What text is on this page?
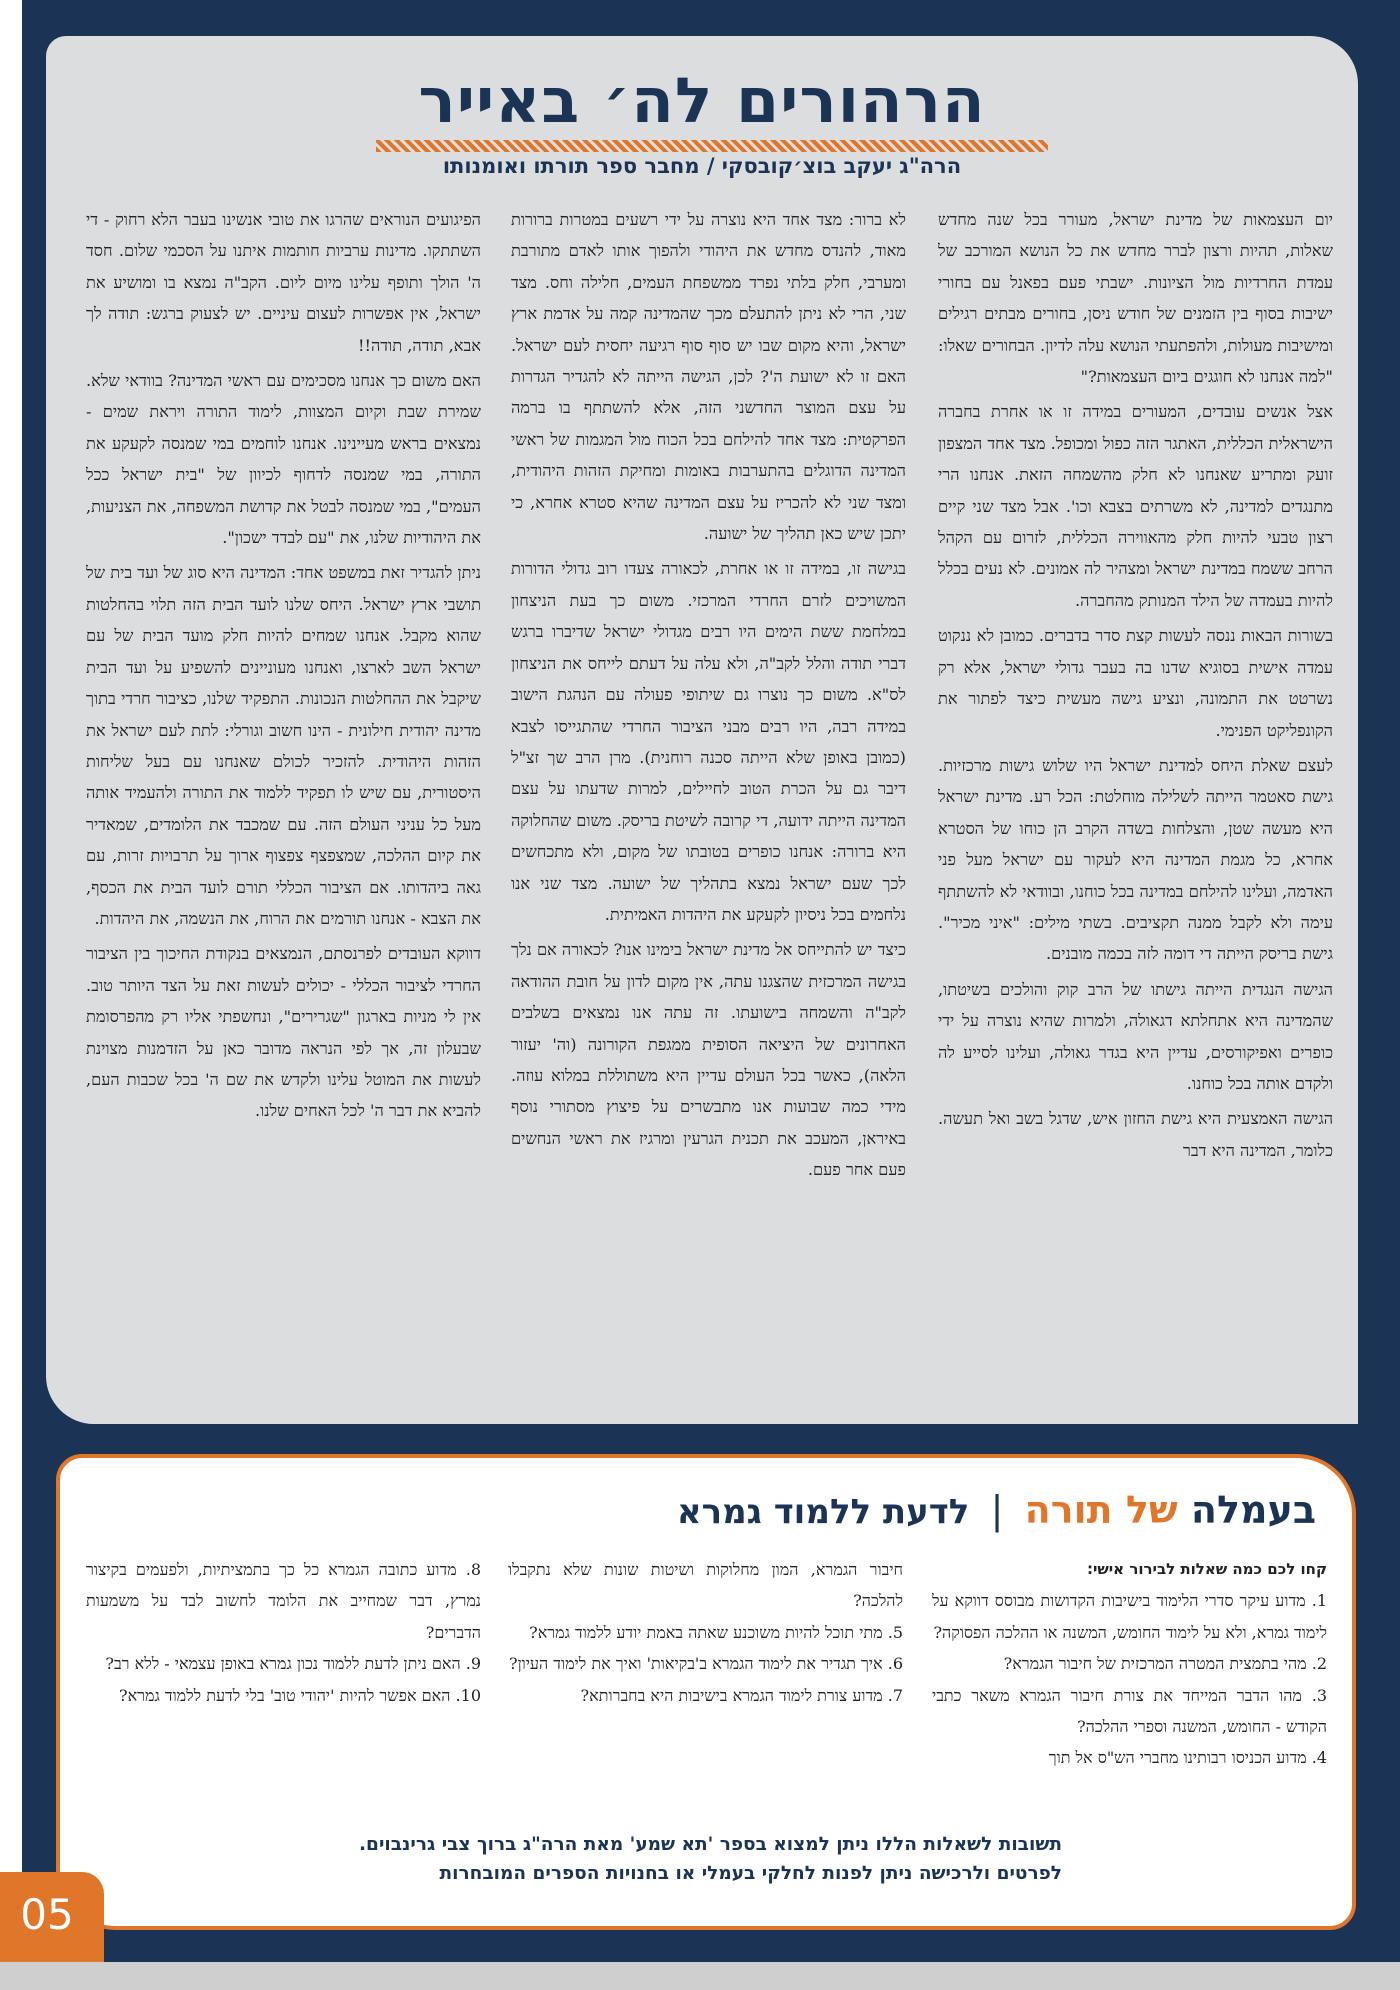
הרהורים לה׳ באייר
הרה"ג יעקב בוצ׳קובסקי / מחבר ספר תורתו ואומנותו

יום העצמאות של מדינת ישראל, מעורר בכל שנה מחדש שאלות, תהיות ורצון לברר מחדש את כל הנושא המורכב של עמדת החרדיות מול הציונות. ישבתי פעם בפאנל עם בחורי ישיבות בסוף בין הזמנים של חודש ניסן, בחורים מבתים רגילים ומישיבות מעולות, ולהפתעתי הנושא עלה לדיון. הבחורים שאלו: "למה אנחנו לא חוגגים ביום העצמאות?"

אצל אנשים עובדים, המעורים במידה זו או אחרת בחברה הישראלית הכללית, האתגר הזה כפול ומכופל. מצד אחד המצפון זועק ומתריע שאנחנו לא חלק מהשמחה הזאת. אנחנו הרי מתנגדים למדינה, לא משרתים בצבא וכו'. אבל מצד שני קיים רצון טבעי להיות חלק מהאווירה הכללית, לזרום עם הקהל הרחב ששמח במדינת ישראל ומצהיר לה אמונים. לא נעים בכלל להיות בעמדה של הילד המנותק מהחברה.

בשורות הבאות ננסה לעשות קצת סדר בדברים. כמובן לא ננקוט עמדה אישית בסוגיא שדנו בה בעבר גדולי ישראל, אלא רק נשרטט את התמונה, ונציע גישה מעשית כיצד לפתור את הקונפליקט הפנימי.

לעצם שאלת היחס למדינת ישראל היו שלוש גישות מרכזיות. גישת סאטמר הייתה לשלילה מוחלטת: הכל רע. מדינת ישראל היא מעשה שטן, והצלחות בשדה הקרב הן כוחו של הסטרא אחרא, כל מגמת המדינה היא לעקור עם ישראל מעל פני האדמה, ועלינו להילחם במדינה בכל כוחנו, ובוודאי לא להשתתף עימה ולא לקבל ממנה תקציבים. בשתי מילים: "איני מכיר". גישת בריסק הייתה די דומה לזה בכמה מובנים.

הגישה הנגדית הייתה גישתו של הרב קוק והולכים בשיטתו, שהמדינה היא אתחלתא דגאולה, ולמרות שהיא נוצרה על ידי כופרים ואפיקורסים, עדיין היא בגדר גאולה, ועלינו לסייע לה ולקדם אותה בכל כוחנו.

הגישה האמצעית היא גישת החזון איש, שדגל בשב ואל תעשה. כלומר, המדינה היא דבר

לא ברור: מצד אחד היא נוצרה על ידי רשעים במטרות ברורות מאוד, להנדס מחדש את היהודי ולהפוך אותו לאדם מתורבת ומערבי, חלק בלתי נפרד ממשפחת העמים, חלילה וחס. מצד שני, הרי לא ניתן להתעלם מכך שהמדינה קמה על אדמת ארץ ישראל, והיא מקום שבו יש סוף סוף רגיעה יחסית לעם ישראל. האם זו לא ישועת ה'? לכן, הגישה הייתה לא להגדיר הגדרות על עצם המוצר החדשני הזה, אלא להשתתף בו ברמה הפרקטית: מצד אחד להילחם בכל הכוח מול המגמות של ראשי המדינה הדוגלים בהתערבות באומות ומחיקת הזהות היהודית, ומצד שני לא להכריז על עצם המדינה שהיא סטרא אחרא, כי יתכן שיש כאן תהליך של ישועה.

בגישה זו, במידה זו או אחרת, לכאורה צעדו רוב גדולי הדורות המשויכים לזרם החרדי המרכזי. משום כך בעת הניצחון במלחמת ששת הימים היו רבים מגדולי ישראל שדיברו ברגש דברי תודה והלל לקב"ה, ולא עלה על דעתם לייחס את הניצחון לס"א. משום כך נוצרו גם שיתופי פעולה עם הנהגת הישוב במידה רבה, היו רבים מבני הציבור החרדי שהתגייסו לצבא (כמובן באופן שלא הייתה סכנה רוחנית). מרן הרב שך זצ"ל דיבר גם על הכרת הטוב לחיילים, למרות שדעתו על עצם המדינה הייתה ידועה, די קרובה לשיטת בריסק. משום שהחלוקה היא ברורה: אנחנו כופרים בטובתו של מקום, ולא מתכחשים לכך שעם ישראל נמצא בתהליך של ישועה. מצד שני אנו נלחמים בכל ניסיון לקעקע את היהדות האמיתית.

כיצד יש להתייחס אל מדינת ישראל בימינו אנו? לכאורה אם נלך בגישה המרכזית שהצגנו עתה, אין מקום לדון על חובת ההודאה לקב"ה והשמחה בישועתו. זה עתה אנו נמצאים בשלבים האחרונים של היציאה הסופית ממגפת הקורונה (וה' יעזור הלאה), כאשר בכל העולם עדיין היא משתוללת במלוא עוזה. מידי כמה שבועות אנו מתבשרים על פיצוץ מסתורי נוסף באיראן, המעכב את תכנית הגרעין ומרגיז את ראשי הנחשים פעם אחר פעם.

הפיגועים הנוראים שהרגו את טובי אנשינו בעבר הלא רחוק - די השתתקו. מדינות ערביות חותמות איתנו על הסכמי שלום. חסד ה' הולך ותופף עלינו מיום ליום. הקב"ה נמצא בו ומושיע את ישראל, אין אפשרות לעצום עיניים. יש לצעוק ברגש: תודה לך אבא, תודה, תודה!!

האם משום כך אנחנו מסכימים עם ראשי המדינה? בוודאי שלא. שמירת שבת וקיום המצוות, לימוד התורה ויראת שמים - נמצאים בראש מעיינינו. אנחנו לוחמים במי שמנסה לקעקע את התורה, במי שמנסה לדחוף לכיוון של "בית ישראל ככל העמים", במי שמנסה לבטל את קדושת המשפחה, את הצניעות, את היהודיות שלנו, את "עם לבדד ישכון".

ניתן להגדיר זאת במשפט אחד: המדינה היא סוג של ועד בית של תושבי ארץ ישראל. היחס שלנו לועד הבית הזה תלוי בהחלטות שהוא מקבל. אנחנו שמחים להיות חלק מועד הבית של עם ישראל השב לארצו, ואנחנו מעוניינים להשפיע על ועד הבית שיקבל את ההחלטות הנכונות. התפקיד שלנו, כציבור חרדי בתוך מדינה יהודית חילונית - הינו חשוב וגורלי: לתת לעם ישראל את הזהות היהודית. להזכיר לכולם שאנחנו עם בעל שליחות היסטורית, עם שיש לו תפקיד ללמוד את התורה ולהעמיד אותה מעל כל עניני העולם הזה. עם שמכבד את הלומדים, שמאדיר את קיום ההלכה, שמצפצף צפצוף ארוך על תרבויות זרות, עם גאה ביהדותו. אם הציבור הכללי תורם לועד הבית את הכסף, את הצבא - אנחנו תורמים את הרוח, את הנשמה, את היהדות.

דווקא העובדים לפרנסתם, הנמצאים בנקודת החיכוך בין הציבור החרדי לציבור הכללי - יכולים לעשות זאת על הצד היותר טוב. אין לי מניות בארגון "שגרירים", ונחשפתי אליו רק מהפרסומת שבעלון זה, אך לפי הנראה מדובר כאן על הזדמנות מצוינת לעשות את המוטל עלינו ולקדש את שם ה' בכל שכבות העם, להביא את דבר ה' לכל האחים שלנו.

בעמלה של תורה | לדעת ללמוד גמרא

קחו לכם כמה שאלות לבירור אישי:

1. מדוע עיקר סדרי הלימוד בישיבות הקדושות מבוסס דווקא על לימוד גמרא, ולא על לימוד החומש, המשנה או ההלכה הפסוקה?

2. מהי בתמצית המטרה המרכזית של חיבור הגמרא?

3. מהו הדבר המייחד את צורת חיבור הגמרא משאר כתבי הקודש - החומש, המשנה וספרי ההלכה?

4. מדוע הכניסו רבותינו מחברי הש"ס אל תוך

חיבור הגמרא, המון מחלוקות ושיטות שונות שלא נתקבלו להלכה?

5. מתי תוכל להיות משוכנע שאתה באמת יודע ללמוד גמרא?

6. איך תגדיר את לימוד הגמרא ב'בקיאות' ואיך את לימוד העיון?

7. מדוע צורת לימוד הגמרא בישיבות היא בחברותא?

8. מדוע כתובה הגמרא כל כך בתמציתיות, ולפעמים בקיצור נמרץ, דבר שמחייב את הלומד לחשוב לבד על משמעות הדברים?

9. האם ניתן לדעת ללמוד נכון גמרא באופן עצמאי - ללא רב?

10. האם אפשר להיות 'יהודי טוב' בלי לדעת ללמוד גמרא?

תשובות לשאלות הללו ניתן למצוא בספר 'תא שמע' מאת הרה"ג ברוך צבי גרינבוים.
לפרטים ולרכישה ניתן לפנות לחלקי בעמלי או בחנויות הספרים המובחרות
05
